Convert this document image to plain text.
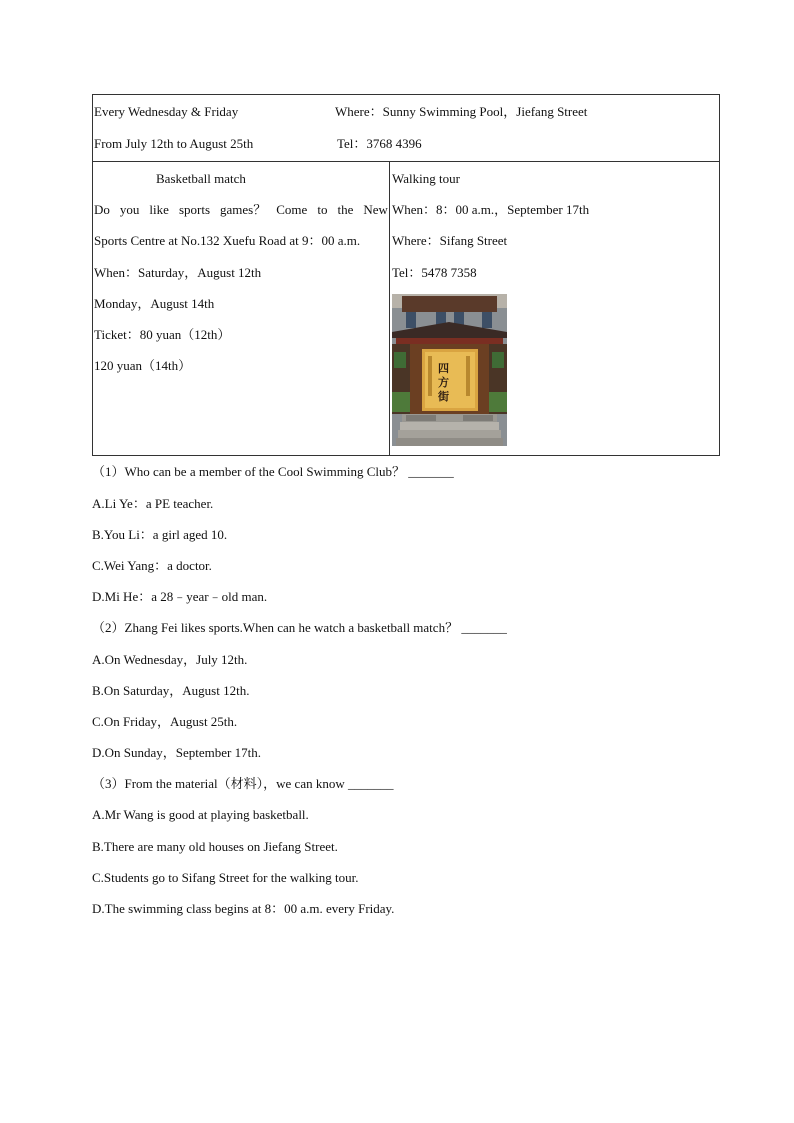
Every Wednesday & Friday
From July 12th to August 25th
Where：Sunny Swimming Pool，Jiefang Street
Tel：3768 4396
Basketball match
Do you like sports games？ Come to the New
Sports Centre at No.132 Xuefu Road at 9：00 a.m.
When：Saturday，August 12th
Monday，August 14th
Ticket：80 yuan（12th）
120 yuan（14th）
Walking tour
When：8：00 a.m.，September 17th
Where：Sifang Street
Tel：5478 7358
四
方
街
（1）Who can be a member of the Cool Swimming Club？ _______
A.Li Ye：a PE teacher.
B.You Li：a girl aged 10.
C.Wei Yang：a doctor.
D.Mi He：a 28﹣year﹣old man.
（2）Zhang Fei likes sports.When can he watch a basketball match？ _______
A.On Wednesday，July 12th.
B.On Saturday，August 12th.
C.On Friday，August 25th.
D.On Sunday，September 17th.
（3）From the material（材料），we can know _______
A.Mr Wang is good at playing basketball.
B.There are many old houses on Jiefang Street.
C.Students go to Sifang Street for the walking tour.
D.The swimming class begins at 8：00 a.m. every Friday.
